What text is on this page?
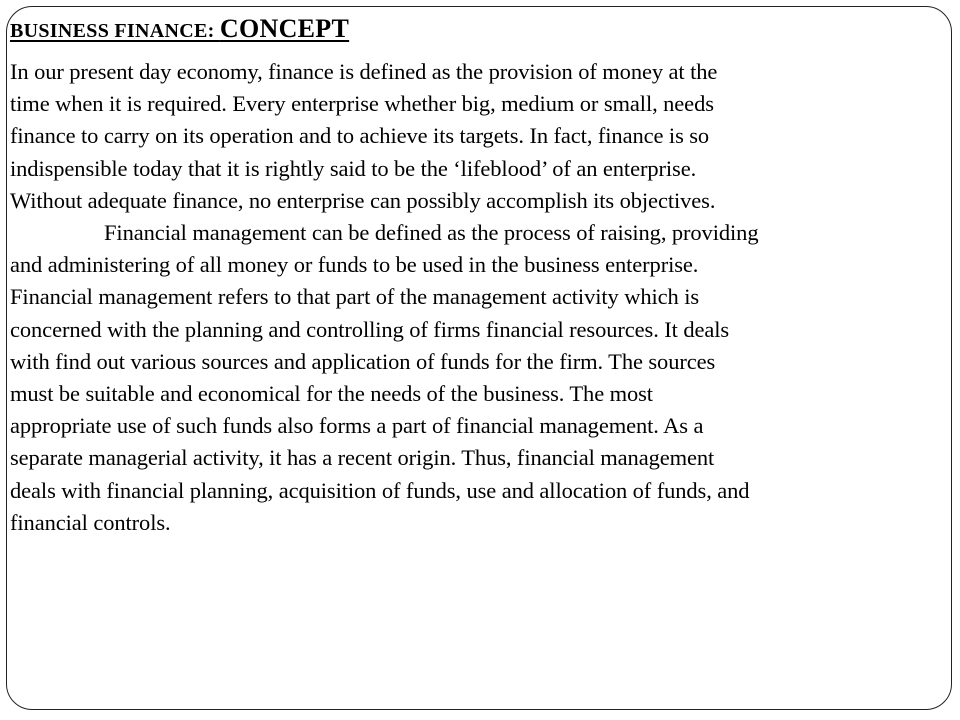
BUSINESS FINANCE: CONCEPT
In our present day economy, finance is defined as the provision of money at the
time when it is required. Every enterprise whether big, medium or small, needs
finance to carry on its operation and to achieve its targets. In fact, finance is so
indispensible today that it is rightly said to be the ‘lifeblood’ of an enterprise.
Without adequate finance, no enterprise can possibly accomplish its objectives.
Financial management can be defined as the process of raising, providing
and administering of all money or funds to be used in the business enterprise.
Financial management refers to that part of the management activity which is
concerned with the planning and controlling of firms financial resources. It deals
with find out various sources and application of funds for the firm. The sources
must be suitable and economical for the needs of the business. The most
appropriate use of such funds also forms a part of financial management. As a
separate managerial activity, it has a recent origin. Thus, financial management
deals with financial planning, acquisition of funds, use and allocation of funds, and
financial controls.
